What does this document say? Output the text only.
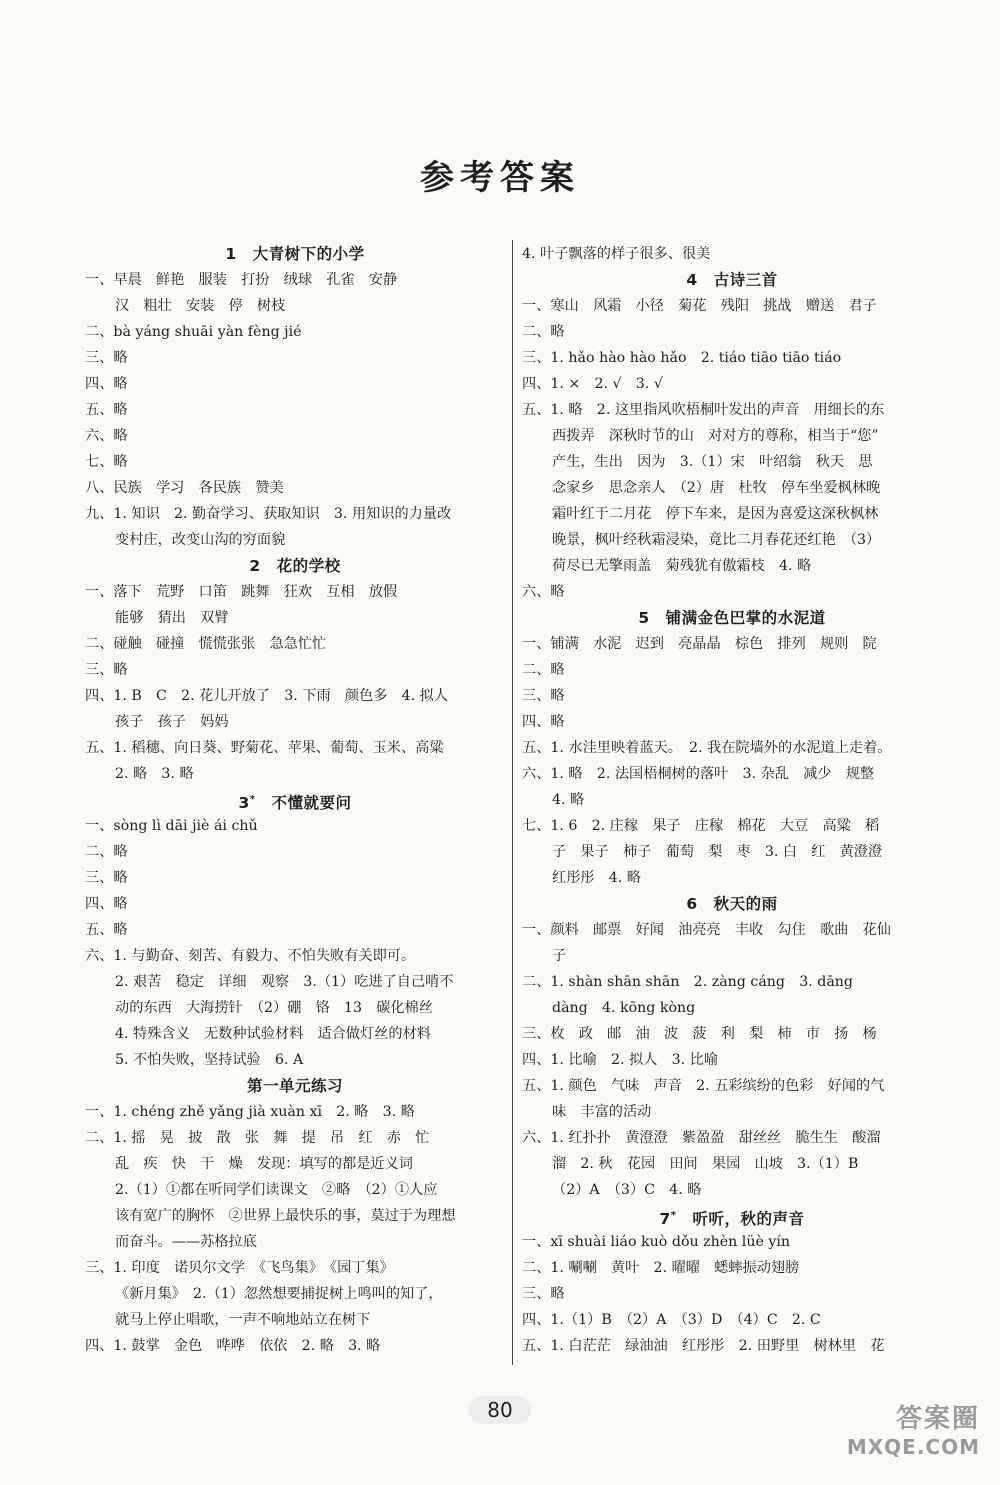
参考答案
1　大青树下的小学
一、早晨　鲜艳　服装　打扮　绒球　孔雀　安静
汉　粗壮　安装　停　树枝
二、bà yáng shuāi yàn fèng jié
三、略
四、略
五、略
六、略
七、略
八、民族　学习　各民族　赞美
九、1. 知识　2. 勤奋学习、获取知识　3. 用知识的力量改
变村庄，改变山沟的穷面貌
2　花的学校
一、落下　荒野　口笛　跳舞　狂欢　互相　放假
能够　猜出　双臂
二、碰触　碰撞　慌慌张张　急急忙忙
三、略
四、1. B　C　2. 花儿开放了　3. 下雨　颜色多　4. 拟人
孩子　孩子　妈妈
五、1. 稻穗、向日葵、野菊花、苹果、葡萄、玉米、高粱
2. 略　3. 略
3*　不懂就要问
一、sòng lì dāi jiè ái chǔ
二、略
三、略
四、略
五、略
六、1. 与勤奋、刻苦、有毅力、不怕失败有关即可。
2. 艰苦　稳定　详细　观察　3.（1）吃进了自己啃不
动的东西　大海捞针　（2）硼　铬　13　碳化棉丝
4. 特殊含义　无数种试验材料　适合做灯丝的材料
5. 不怕失败，坚持试验　6. A
第一单元练习
一、1. chéng zhě yǎng jià xuàn xī　2. 略　3. 略
二、1. 摇　晃　披　散　张　舞　提　吊　红　赤　忙
乱　疾　快　干　燥　发现：填写的都是近义词
2.（1）①都在听同学们读课文　②略　（2）①人应
该有宽广的胸怀　②世界上最快乐的事，莫过于为理想
而奋斗。——苏格拉底
三、1. 印度　诺贝尔文学　《飞鸟集》　《园丁集》
《新月集》　2.（1）忽然想要捕捉树上鸣叫的知了，
就马上停止唱歌，一声不响地站立在树下
四、1. 鼓掌　金色　哗哗　依依　2. 略　3. 略
4. 叶子飘落的样子很多、很美
4　古诗三首
一、寒山　风霜　小径　菊花　残阳　挑战　赠送　君子
二、略
三、1. hǎo hào hào hǎo　2. tiáo tiāo tiāo tiáo
四、1. ×　2. √　3. √
五、1. 略　2. 这里指风吹梧桐叶发出的声音　用细长的东
西拨弄　深秋时节的山　对对方的尊称，相当于“您”
产生，生出　因为　3.（1）宋　叶绍翁　秋天　思
念家乡　思念亲人　（2）唐　杜牧　停车坐爱枫林晚
霜叶红于二月花　停下车来，是因为喜爱这深秋枫林
晚景，枫叶经秋霜浸染，竟比二月春花还红艳　（3）
荷尽已无擎雨盖　菊残犹有傲霜枝　4. 略
六、略
5　铺满金色巴掌的水泥道
一、铺满　水泥　迟到　亮晶晶　棕色　排列　规则　院
二、略
三、略
四、略
五、1. 水洼里映着蓝天。　2. 我在院墙外的水泥道上走着。
六、1. 略　2. 法国梧桐树的落叶　3. 杂乱　减少　规整
4. 略
七、1. 6　2. 庄稼　果子　庄稼　棉花　大豆　高粱　稻
子　果子　柿子　葡萄　梨　枣　3. 白　红　黄澄澄
红彤彤　4. 略
6　秋天的雨
一、颜料　邮票　好闻　油亮亮　丰收　勾住　歌曲　花仙
子
二、1. shàn shān shān　2. zàng cáng　3. dāng
dàng　4. kōng kòng
三、枚　政　邮　油　波　菠　利　梨　柿　市　扬　杨
四、1. 比喻　2. 拟人　3. 比喻
五、1. 颜色　气味　声音　2. 五彩缤纷的色彩　好闻的气
味　丰富的活动
六、1. 红扑扑　黄澄澄　紫盈盈　甜丝丝　脆生生　酸溜
溜　2. 秋　花园　田间　果园　山坡　3.（1）B
（2）A　（3）C　4. 略
7*　听听，秋的声音
一、xī shuài liáo kuò dǒu zhèn lüè yín
二、1. 唰唰　黄叶　2. 曜曜　蟋蟀振动翅膀
三、略
四、1.（1）B　（2）A　（3）D　（4）C　2. C
五、1. 白茫茫　绿油油　红彤彤　2. 田野里　树林里　花
80	答案圈
MXQE.COM
